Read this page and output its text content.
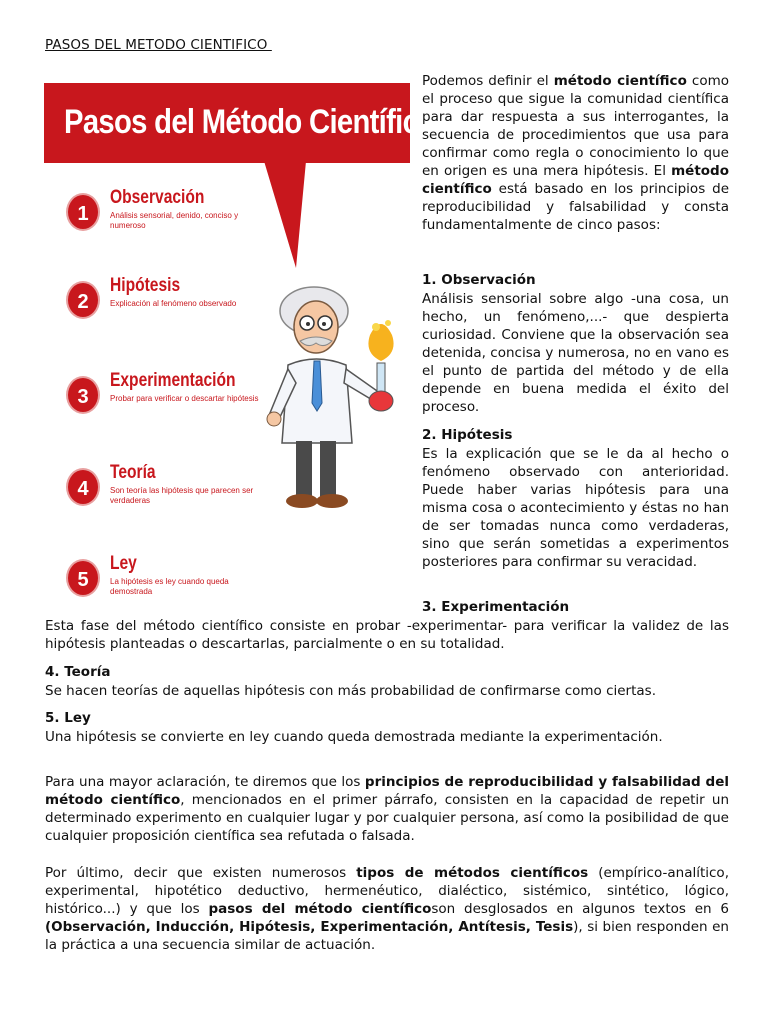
PASOS DEL METODO CIENTIFICO
Pasos del Método Científico
1
Observación
Análisis sensorial, denido, conciso y numeroso
2
Hipótesis
Explicación al fenómeno observado
3
Experimentación
Probar para verificar o descartar hipótesis
4
Teoría
Son teoría las hipótesis que parecen ser verdaderas
5
Ley
La hipótesis es ley cuando queda demostrada

Podemos definir el método científico como el proceso que sigue la comunidad científica para dar respuesta a sus interrogantes, la secuencia de procedimientos que usa para confirmar como regla o conocimiento lo que en origen es una mera hipótesis. El método científico está basado en los principios de reproducibilidad y falsabilidad y consta fundamentalmente de cinco pasos:

1. Observación

Análisis sensorial sobre algo -una cosa, un hecho, un fenómeno,...- que despierta curiosidad. Conviene que la observación sea detenida, concisa y numerosa, no en vano es el punto de partida del método y de ella depende en buena medida el éxito del proceso.

2. Hipótesis

Es la explicación que se le da al hecho o fenómeno observado con anterioridad. Puede haber varias hipótesis para una misma cosa o acontecimiento y éstas no han de ser tomadas nunca como verdaderas, sino que serán sometidas a experimentos posteriores para confirmar su veracidad.

3. Experimentación

Esta fase del método científico consiste en probar -experimentar- para verificar la validez de las hipótesis planteadas o descartarlas, parcialmente o en su totalidad.

4. Teoría

Se hacen teorías de aquellas hipótesis con más probabilidad de confirmarse como ciertas.

5. Ley

Una hipótesis se convierte en ley cuando queda demostrada mediante la experimentación.

Para una mayor aclaración, te diremos que los principios de reproducibilidad y falsabilidad del método científico, mencionados en el primer párrafo, consisten en la capacidad de repetir un determinado experimento en cualquier lugar y por cualquier persona, así como la posibilidad de que cualquier proposición científica sea refutada o falsada.

Por último, decir que existen numerosos tipos de métodos científicos (empírico-analítico, experimental, hipotético deductivo, hermenéutico, dialéctico, sistémico, sintético, lógico, histórico...) y que los pasos del método científicoson desglosados en algunos textos en 6 (Observación, Inducción, Hipótesis, Experimentación, Antítesis, Tesis), si bien responden en la práctica a una secuencia similar de actuación.
